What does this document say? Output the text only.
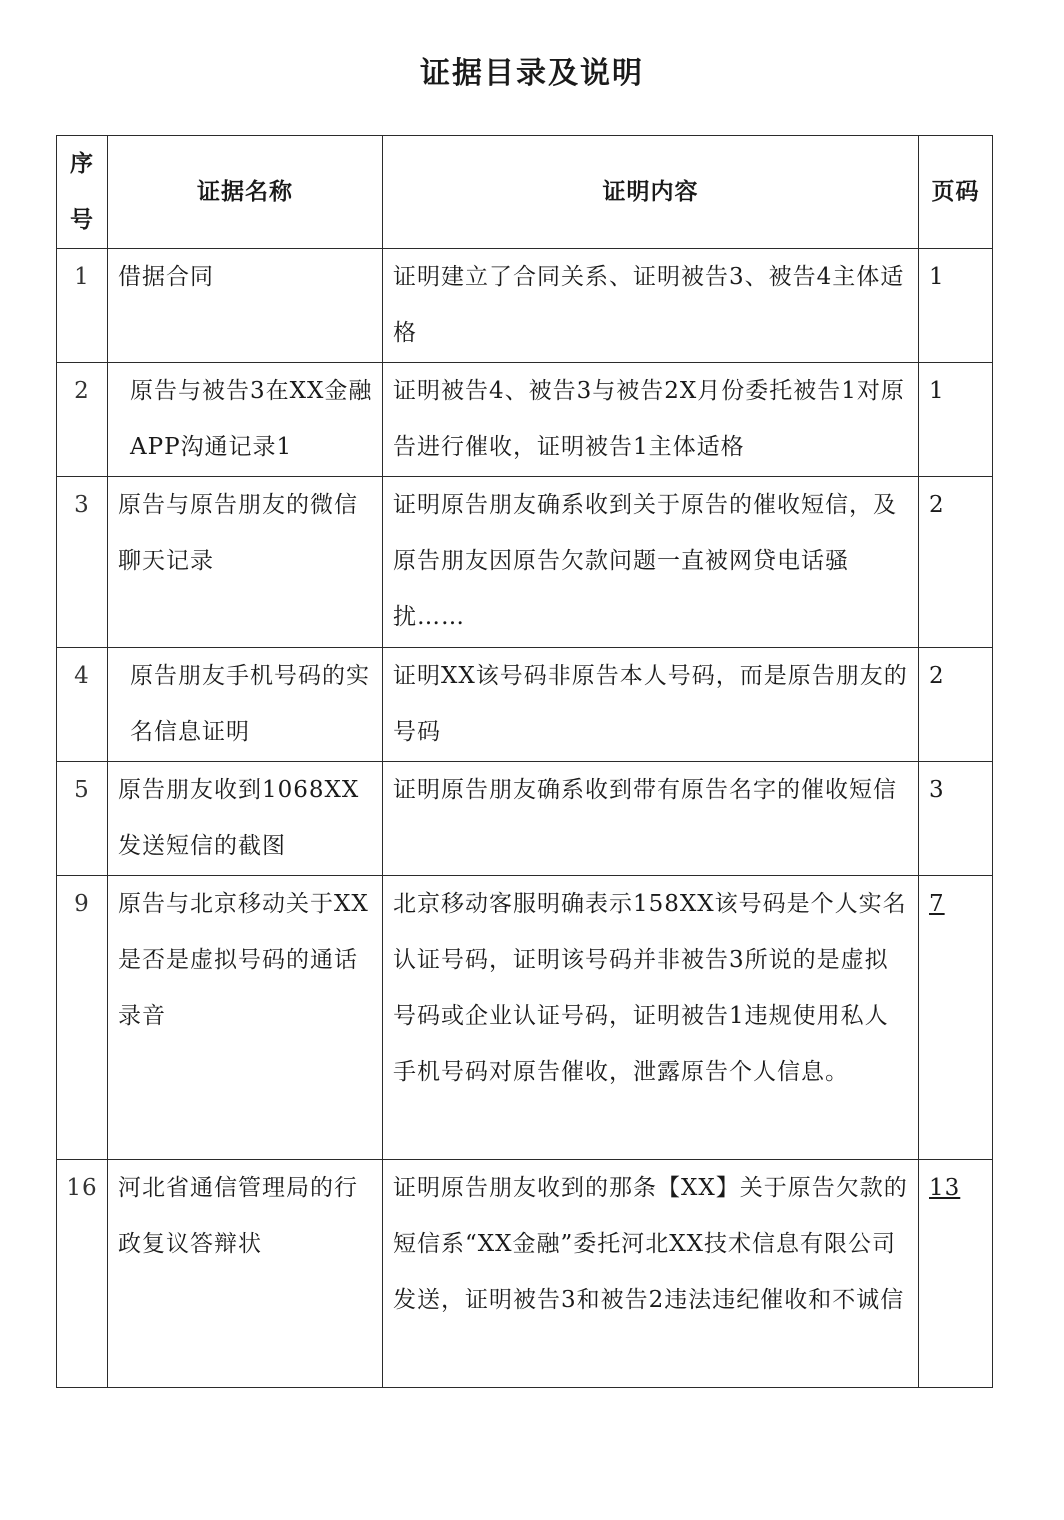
证据目录及说明
序
号	证据名称	证明内容	页码
1	借据合同	证明建立了合同关系、证明被告3、被告4主体适格	1
2	原告与被告3在XX金融APP沟通记录1	证明被告4、被告3与被告2X月份委托被告1对原告进行催收，证明被告1主体适格	1
3	原告与原告朋友的微信聊天记录	证明原告朋友确系收到关于原告的催收短信，及原告朋友因原告欠款问题一直被网贷电话骚扰……	2
4	原告朋友手机号码的实名信息证明	证明XX该号码非原告本人号码，而是原告朋友的号码	2
5	原告朋友收到1068XX发送短信的截图	证明原告朋友确系收到带有原告名字的催收短信	3
9	原告与北京移动关于XX是否是虚拟号码的通话录音	北京移动客服明确表示158XX该号码是个人实名认证号码，证明该号码并非被告3所说的是虚拟号码或企业认证号码，证明被告1违规使用私人手机号码对原告催收，泄露原告个人信息。	7
16	河北省通信管理局的行政复议答辩状	证明原告朋友收到的那条【XX】关于原告欠款的短信系“XX金融”委托河北XX技术信息有限公司发送，证明被告3和被告2违法违纪催收和不诚信	13
